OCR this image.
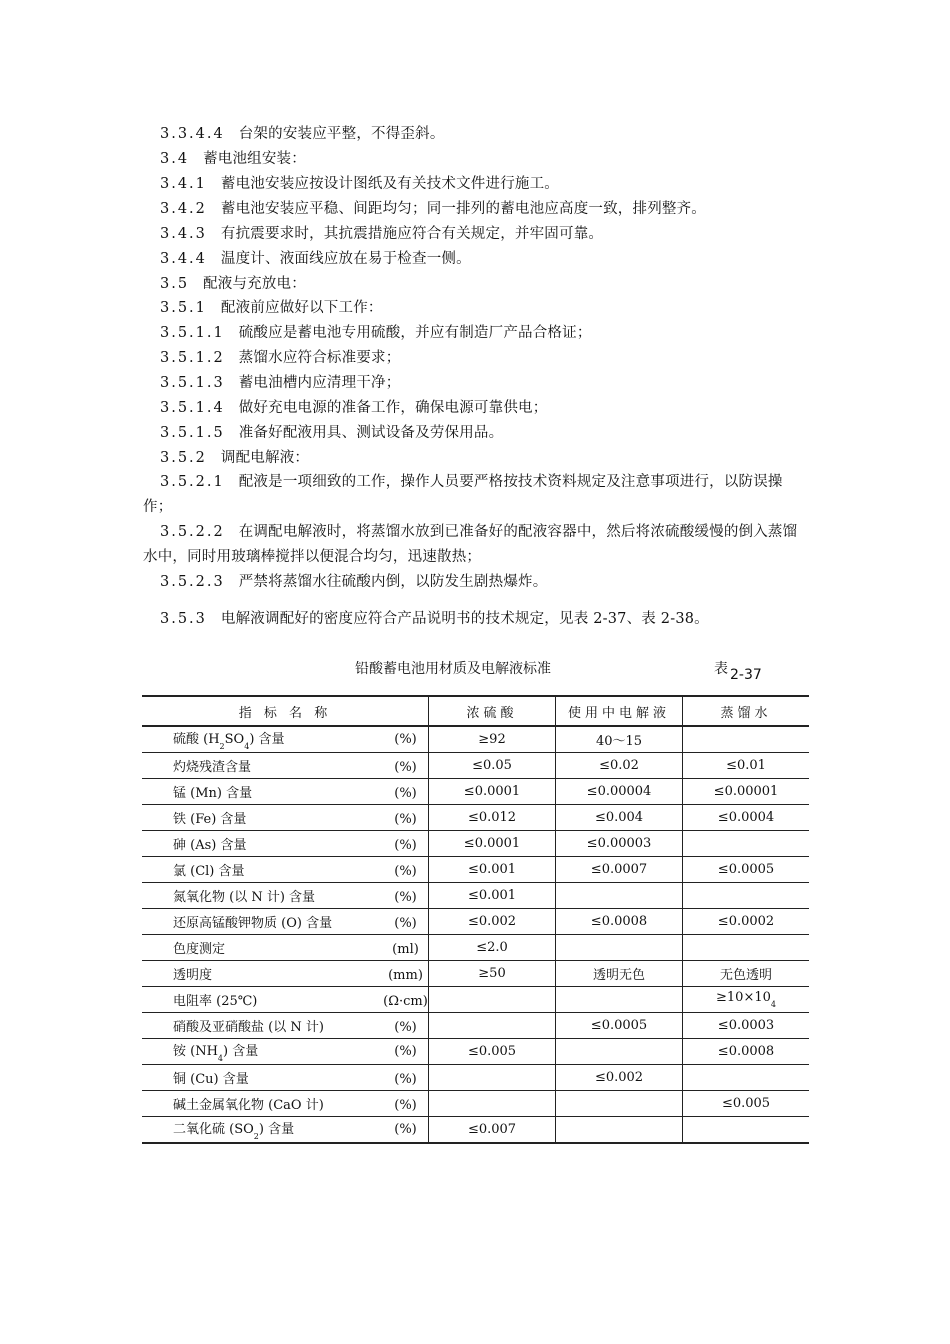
3.3.4.4 台架的安装应平整，不得歪斜。
3.4 蓄电池组安装：
3.4.1 蓄电池安装应按设计图纸及有关技术文件进行施工。
3.4.2 蓄电池安装应平稳、间距均匀；同一排列的蓄电池应高度一致，排列整齐。
3.4.3 有抗震要求时，其抗震措施应符合有关规定，并牢固可靠。
3.4.4 温度计、液面线应放在易于检查一侧。
3.5 配液与充放电：
3.5.1 配液前应做好以下工作：
3.5.1.1 硫酸应是蓄电池专用硫酸，并应有制造厂产品合格证；
3.5.1.2 蒸馏水应符合标准要求；
3.5.1.3 蓄电油槽内应清理干净；
3.5.1.4 做好充电电源的准备工作，确保电源可靠供电；
3.5.1.5 准备好配液用具、测试设备及劳保用品。
3.5.2 调配电解液：
3.5.2.1 配液是一项细致的工作，操作人员要严格按技术资料规定及注意事项进行，以防误操作；
3.5.2.2 在调配电解液时，将蒸馏水放到已准备好的配液容器中，然后将浓硫酸缓慢的倒入蒸馏水中，同时用玻璃棒搅拌以便混合均匀，迅速散热；
3.5.2.3 严禁将蒸馏水往硫酸内倒，以防发生剧热爆炸。
3.5.3 电解液调配好的密度应符合产品说明书的技术规定，见表 2-37、表 2-38。
铅酸蓄电池用材质及电解液标准	表 2-37
指 标 名 称	浓硫酸	使用中电解液	蒸馏水
硫酸 $(H_2SO_4)$ 含量 (%)	≥92	40～15	
灼烧残渣含量 (%)	≤0.05	≤0.02	≤0.01
锰 (Mn) 含量 (%)	≤0.0001	≤0.00004	≤0.00001
铁 (Fe) 含量 (%)	≤0.012	≤0.004	≤0.0004
砷 (As) 含量 (%)	≤0.0001	≤0.00003	
氯 (Cl) 含量 (%)	≤0.001	≤0.0007	≤0.0005
氮氧化物 (以 N 计) 含量 (%)	≤0.001		
还原高锰酸钾物质 (O) 含量 (%)	≤0.002	≤0.0008	≤0.0002
色度测定 (ml)	≤2.0		
透明度 (mm)	≥50	透明无色	无色透明
电阻率 (25℃) (Ω·cm)			$\ge 10\times 10_4$
硝酸及亚硝酸盐 (以 N 计) (%)		≤0.0005	≤0.0003
铵 $(NH_4)$ 含量 (%)	≤0.005		≤0.0008
铜 (Cu) 含量 (%)		≤0.002	
碱土金属氧化物 (CaO 计) (%)			≤0.005
二氧化硫 $(SO_2)$ 含量 (%)	≤0.007		
